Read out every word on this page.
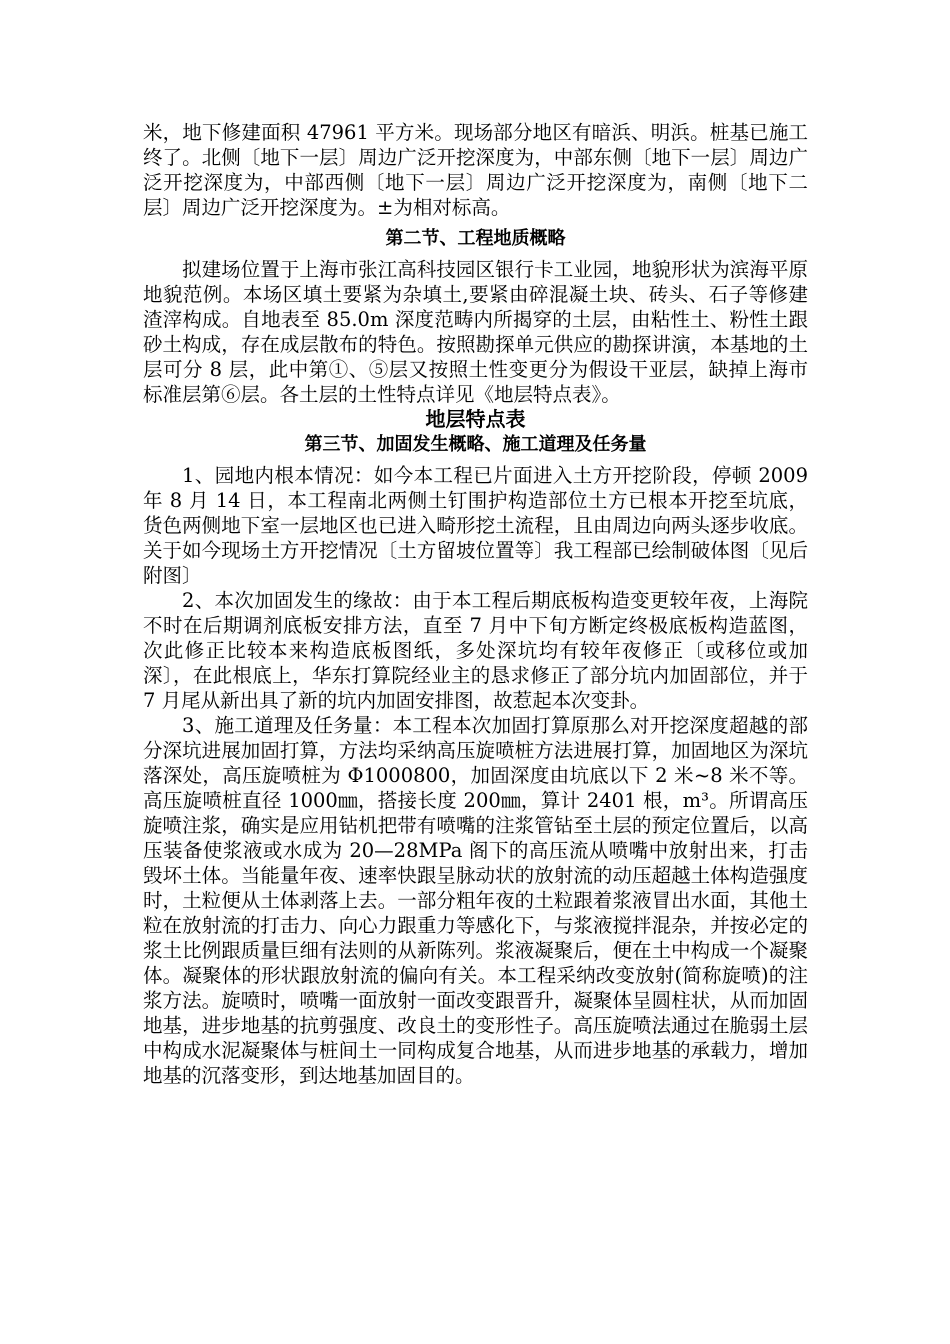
米，地下修建面积 47961 平方米。现场部分地区有暗浜、明浜。桩基已施工终了。北侧〔地下一层〕周边广泛开挖深度为，中部东侧〔地下一层〕周边广泛开挖深度为，中部西侧〔地下一层〕周边广泛开挖深度为，南侧〔地下二层〕周边广泛开挖深度为。±为相对标高。

第二节、工程地质概略

拟建场位置于上海市张江高科技园区银行卡工业园，地貌形状为滨海平原地貌范例。本场区填土要紧为杂填土,要紧由碎混凝土块、砖头、石子等修建渣滓构成。自地表至 85.0m 深度范畴内所揭穿的土层，由粘性土、粉性土跟砂土构成，存在成层散布的特色。按照勘探单元供应的勘探讲演，本基地的土层可分 8 层，此中第①、⑤层又按照土性变更分为假设干亚层，缺掉上海市标准层第⑥层。各土层的土性特点详见《地层特点表》。

地层特点表
第三节、加固发生概略、施工道理及任务量

1、园地内根本情况：如今本工程已片面进入土方开挖阶段，停顿 2009 年 8 月 14 日，本工程南北两侧土钉围护构造部位土方已根本开挖至坑底，货色两侧地下室一层地区也已进入畸形挖土流程，且由周边向两头逐步收底。关于如今现场土方开挖情况〔土方留坡位置等〕我工程部已绘制破体图〔见后附图〕

2、本次加固发生的缘故：由于本工程后期底板构造变更较年夜，上海院不时在后期调剂底板安排方法，直至 7 月中下旬方断定终极底板构造蓝图，次此修正比较本来构造底板图纸，多处深坑均有较年夜修正〔或移位或加深〕，在此根底上，华东打算院经业主的恳求修正了部分坑内加固部位，并于 7 月尾从新出具了新的坑内加固安排图，故惹起本次变卦。

3、施工道理及任务量：本工程本次加固打算原那么对开挖深度超越的部分深坑进展加固打算，方法均采纳高压旋喷桩方法进展打算，加固地区为深坑落深处，高压旋喷桩为 Φ1000800，加固深度由坑底以下 2 米~8 米不等。高压旋喷桩直径 1000㎜，搭接长度 200㎜，算计 2401 根，m³。所谓高压旋喷注浆，确实是应用钻机把带有喷嘴的注浆管钻至土层的预定位置后，以高压装备使浆液或水成为 20—28MPa 阁下的高压流从喷嘴中放射出来，打击毁坏土体。当能量年夜、速率快跟呈脉动状的放射流的动压超越土体构造强度时，土粒便从土体剥落上去。一部分粗年夜的土粒跟着浆液冒出水面，其他土粒在放射流的打击力、向心力跟重力等感化下，与浆液搅拌混杂，并按必定的浆土比例跟质量巨细有法则的从新陈列。浆液凝聚后，便在土中构成一个凝聚体。凝聚体的形状跟放射流的偏向有关。本工程采纳改变放射(简称旋喷)的注浆方法。旋喷时，喷嘴一面放射一面改变跟晋升，凝聚体呈圆柱状，从而加固地基，进步地基的抗剪强度、改良土的变形性子。高压旋喷法通过在脆弱土层中构成水泥凝聚体与桩间土一同构成复合地基，从而进步地基的承载力，增加地基的沉落变形，到达地基加固目的。
